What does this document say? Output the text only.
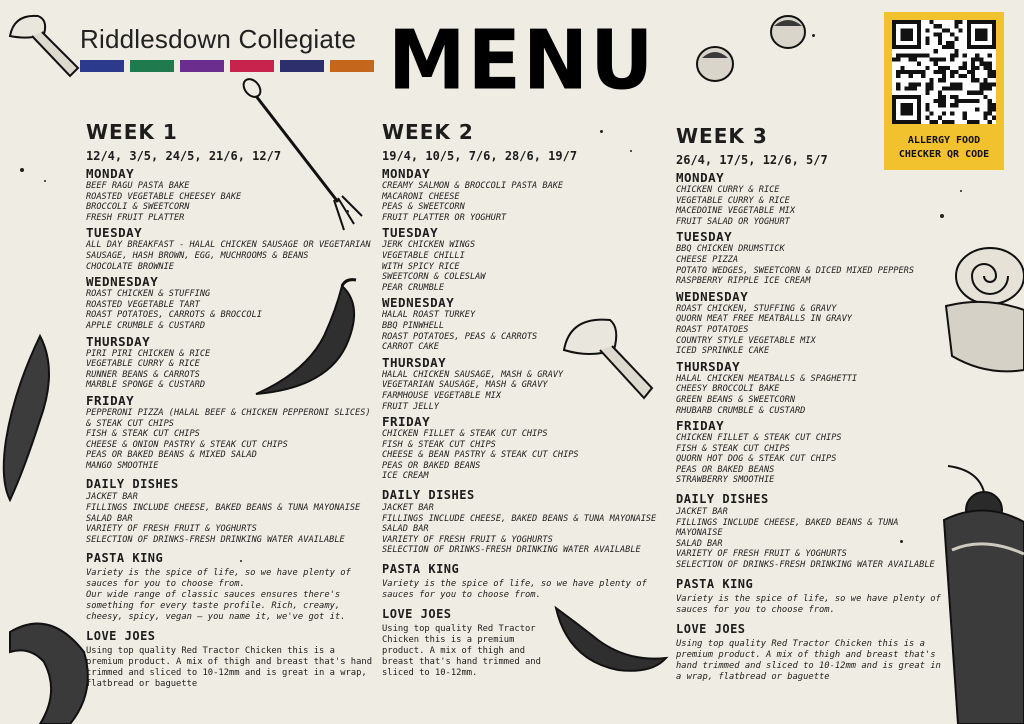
Riddlesdown Collegiate MENU
ALLERGY FOOD
CHECKER QR CODE
WEEK 1
12/4, 3/5, 24/5, 21/6, 12/7
MONDAY
BEEF RAGU PASTA BAKE
ROASTED VEGETABLE CHEESEY BAKE
BROCCOLI & SWEETCORN
FRESH FRUIT PLATTER
TUESDAY
ALL DAY BREAKFAST - HALAL CHICKEN SAUSAGE OR VEGETARIAN SAUSAGE, HASH BROWN, EGG, MUCHROOMS & BEANS
CHOCOLATE BROWNIE
WEDNESDAY
ROAST CHICKEN & STUFFING
ROASTED VEGETABLE TART
ROAST POTATOES, CARROTS & BROCCOLI
APPLE CRUMBLE & CUSTARD
THURSDAY
PIRI PIRI CHICKEN & RICE
VEGETABLE CURRY & RICE
RUNNER BEANS & CARROTS
MARBLE SPONGE & CUSTARD
FRIDAY
PEPPERONI PIZZA (HALAL BEEF & CHICKEN PEPPERONI SLICES) & STEAK CUT CHIPS
FISH & STEAK CUT CHIPS
CHEESE & ONION PASTRY & STEAK CUT CHIPS
PEAS OR BAKED BEANS & MIXED SALAD
MANGO SMOOTHIE
DAILY DISHES
JACKET BAR
FILLINGS INCLUDE CHEESE, BAKED BEANS & TUNA MAYONAISE
SALAD BAR
VARIETY OF FRESH FRUIT & YOGHURTS
SELECTION OF DRINKS-FRESH DRINKING WATER AVAILABLE
PASTA KING
Variety is the spice of life, so we have plenty of sauces for you to choose from.
Our wide range of classic sauces ensures there's something for every taste profile. Rich, creamy, cheesy, spicy, vegan – you name it, we've got it.
LOVE JOES
Using top quality Red Tractor Chicken this is a premium product. A mix of thigh and breast that's hand trimmed and sliced to 10-12mm and is great in a wrap, flatbread or baguette
WEEK 2
19/4, 10/5, 7/6, 28/6, 19/7
MONDAY
CREAMY SALMON & BROCCOLI PASTA BAKE
MACARONI CHEESE
PEAS & SWEETCORN
FRUIT PLATTER OR YOGHURT
TUESDAY
JERK CHICKEN WINGS
VEGETABLE CHILLI
WITH SPICY RICE
SWEETCORN & COLESLAW
PEAR CRUMBLE
WEDNESDAY
HALAL ROAST TURKEY
BBQ PINWHELL
ROAST POTATOES, PEAS & CARROTS
CARROT CAKE
THURSDAY
HALAL CHICKEN SAUSAGE, MASH & GRAVY
VEGETARIAN SAUSAGE, MASH & GRAVY
FARMHOUSE VEGETABLE MIX
FRUIT JELLY
FRIDAY
CHICKEN FILLET & STEAK CUT CHIPS
FISH & STEAK CUT CHIPS
CHEESE & BEAN PASTRY & STEAK CUT CHIPS
PEAS OR BAKED BEANS
ICE CREAM
DAILY DISHES
JACKET BAR
FILLINGS INCLUDE CHEESE, BAKED BEANS & TUNA MAYONAISE
SALAD BAR
VARIETY OF FRESH FRUIT & YOGHURTS
SELECTION OF DRINKS-FRESH DRINKING WATER AVAILABLE
PASTA KING
Variety is the spice of life, so we have plenty of sauces for you to choose from.
LOVE JOES
Using top quality Red Tractor Chicken this is a premium product. A mix of thigh and breast that's hand trimmed and sliced to 10-12mm.
WEEK 3
26/4, 17/5, 12/6, 5/7
MONDAY
CHICKEN CURRY & RICE
VEGETABLE CURRY & RICE
MACEDOINE VEGETABLE MIX
FRUIT SALAD OR YOGHURT
TUESDAY
BBQ CHICKEN DRUMSTICK
CHEESE PIZZA
POTATO WEDGES, SWEETCORN & DICED MIXED PEPPERS
RASPBERRY RIPPLE ICE CREAM
WEDNESDAY
ROAST CHICKEN, STUFFING & GRAVY
QUORN MEAT FREE MEATBALLS IN GRAVY
ROAST POTATOES
COUNTRY STYLE VEGETABLE MIX
ICED SPRINKLE CAKE
THURSDAY
HALAL CHICKEN MEATBALLS & SPAGHETTI
CHEESY BROCCOLI BAKE
GREEN BEANS & SWEETCORN
RHUBARB CRUMBLE & CUSTARD
FRIDAY
CHICKEN FILLET & STEAK CUT CHIPS
FISH & STEAK CUT CHIPS
QUORN HOT DOG & STEAK CUT CHIPS
PEAS OR BAKED BEANS
STRAWBERRY SMOOTHIE
DAILY DISHES
JACKET BAR
FILLINGS INCLUDE CHEESE, BAKED BEANS & TUNA MAYONAISE
SALAD BAR
VARIETY OF FRESH FRUIT & YOGHURTS
SELECTION OF DRINKS-FRESH DRINKING WATER AVAILABLE
PASTA KING
Variety is the spice of life, so we have plenty of sauces for you to choose from.
LOVE JOES
Using top quality Red Tractor Chicken this is a premium product. A mix of thigh and breast that's hand trimmed and sliced to 10-12mm and is great in a wrap, flatbread or baguette
